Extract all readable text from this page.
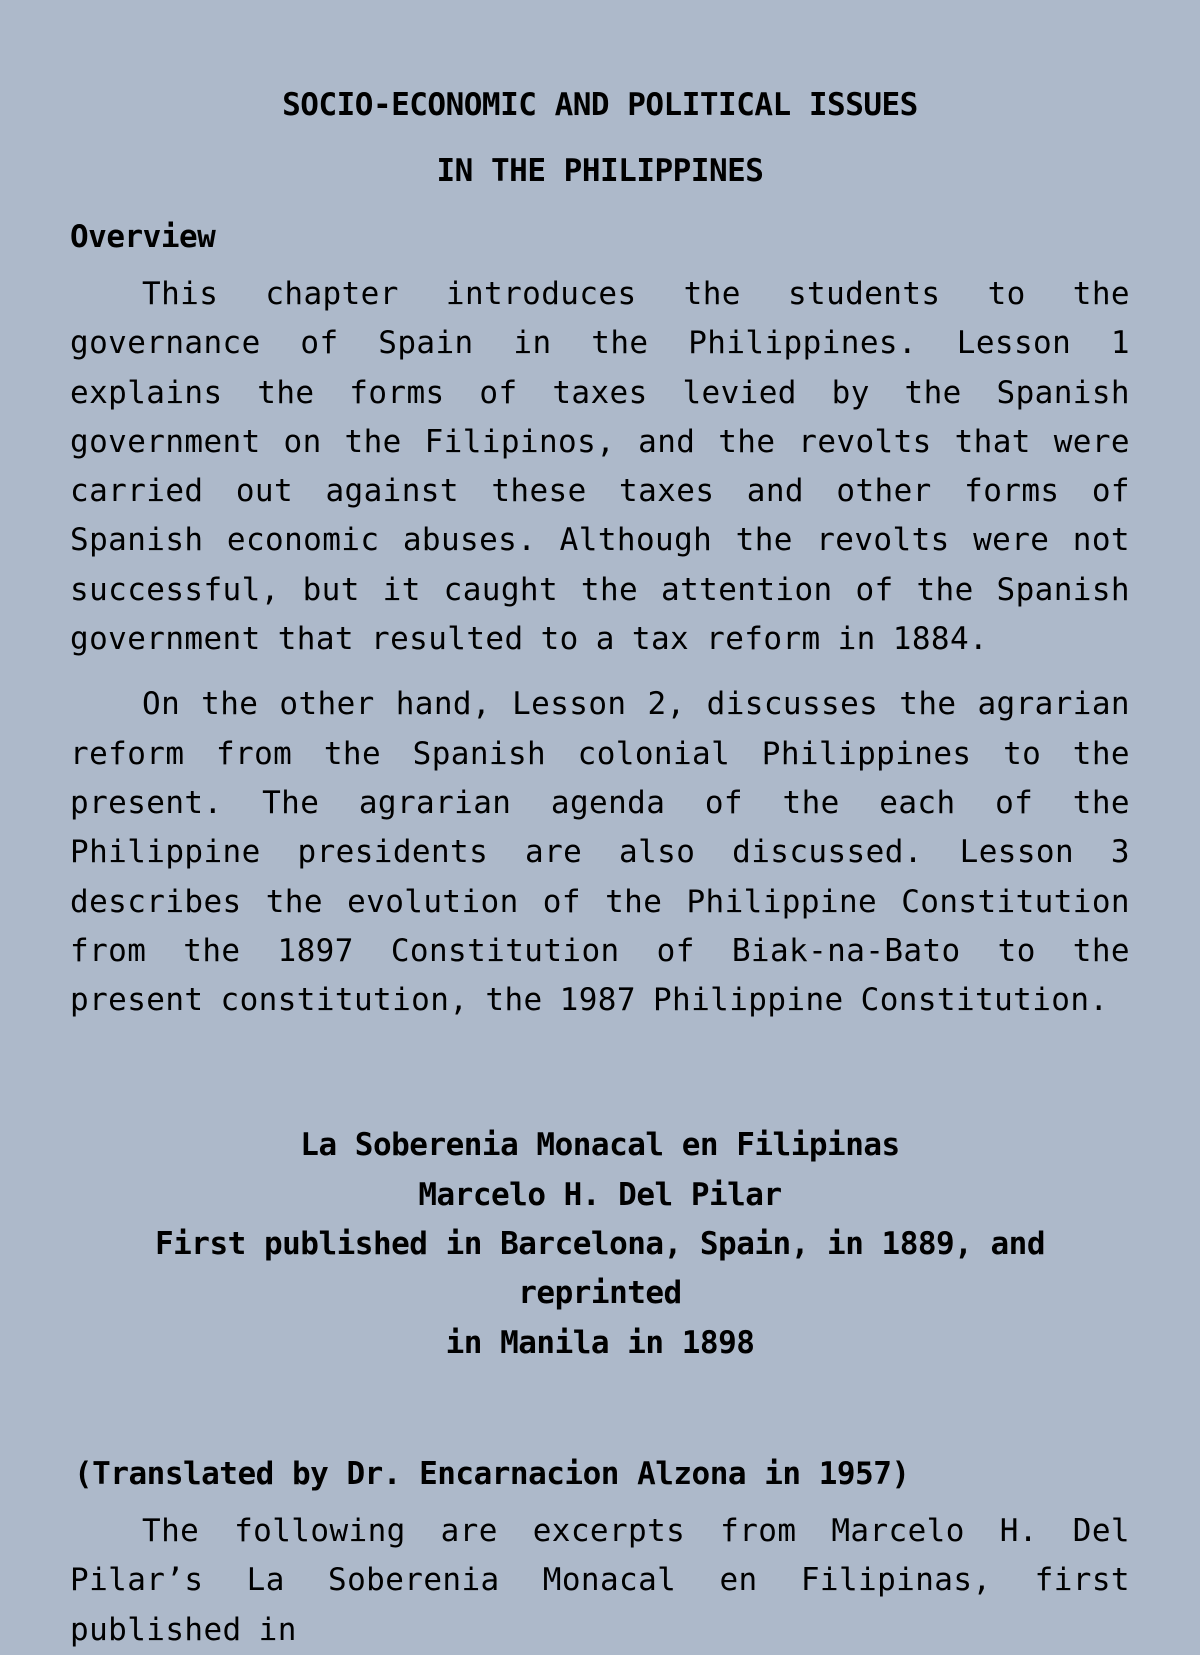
SOCIO-ECONOMIC AND POLITICAL ISSUES
IN THE PHILIPPINES
Overview

This chapter introduces the students to the governance of Spain in the Philippines. Lesson 1 explains the forms of taxes levied by the Spanish government on the Filipinos, and the revolts that were carried out against these taxes and other forms of Spanish economic abuses. Although the revolts were not successful, but it caught the attention of the Spanish government that resulted to a tax reform in 1884.

On the other hand, Lesson 2, discusses the agrarian reform from the Spanish colonial Philippines to the present. The agrarian agenda of the each of the Philippine presidents are also discussed. Lesson 3 describes the evolution of the Philippine Constitution from the 1897 Constitution of Biak-na-Bato to the present constitution, the 1987 Philippine Constitution.

La Soberenia Monacal en Filipinas
Marcelo H. Del Pilar
First published in Barcelona, Spain, in 1889, and reprinted
in Manila in 1898
(Translated by Dr. Encarnacion Alzona in 1957)

The following are excerpts from Marcelo H. Del Pilar’s La Soberenia Monacal en Filipinas, first published in
